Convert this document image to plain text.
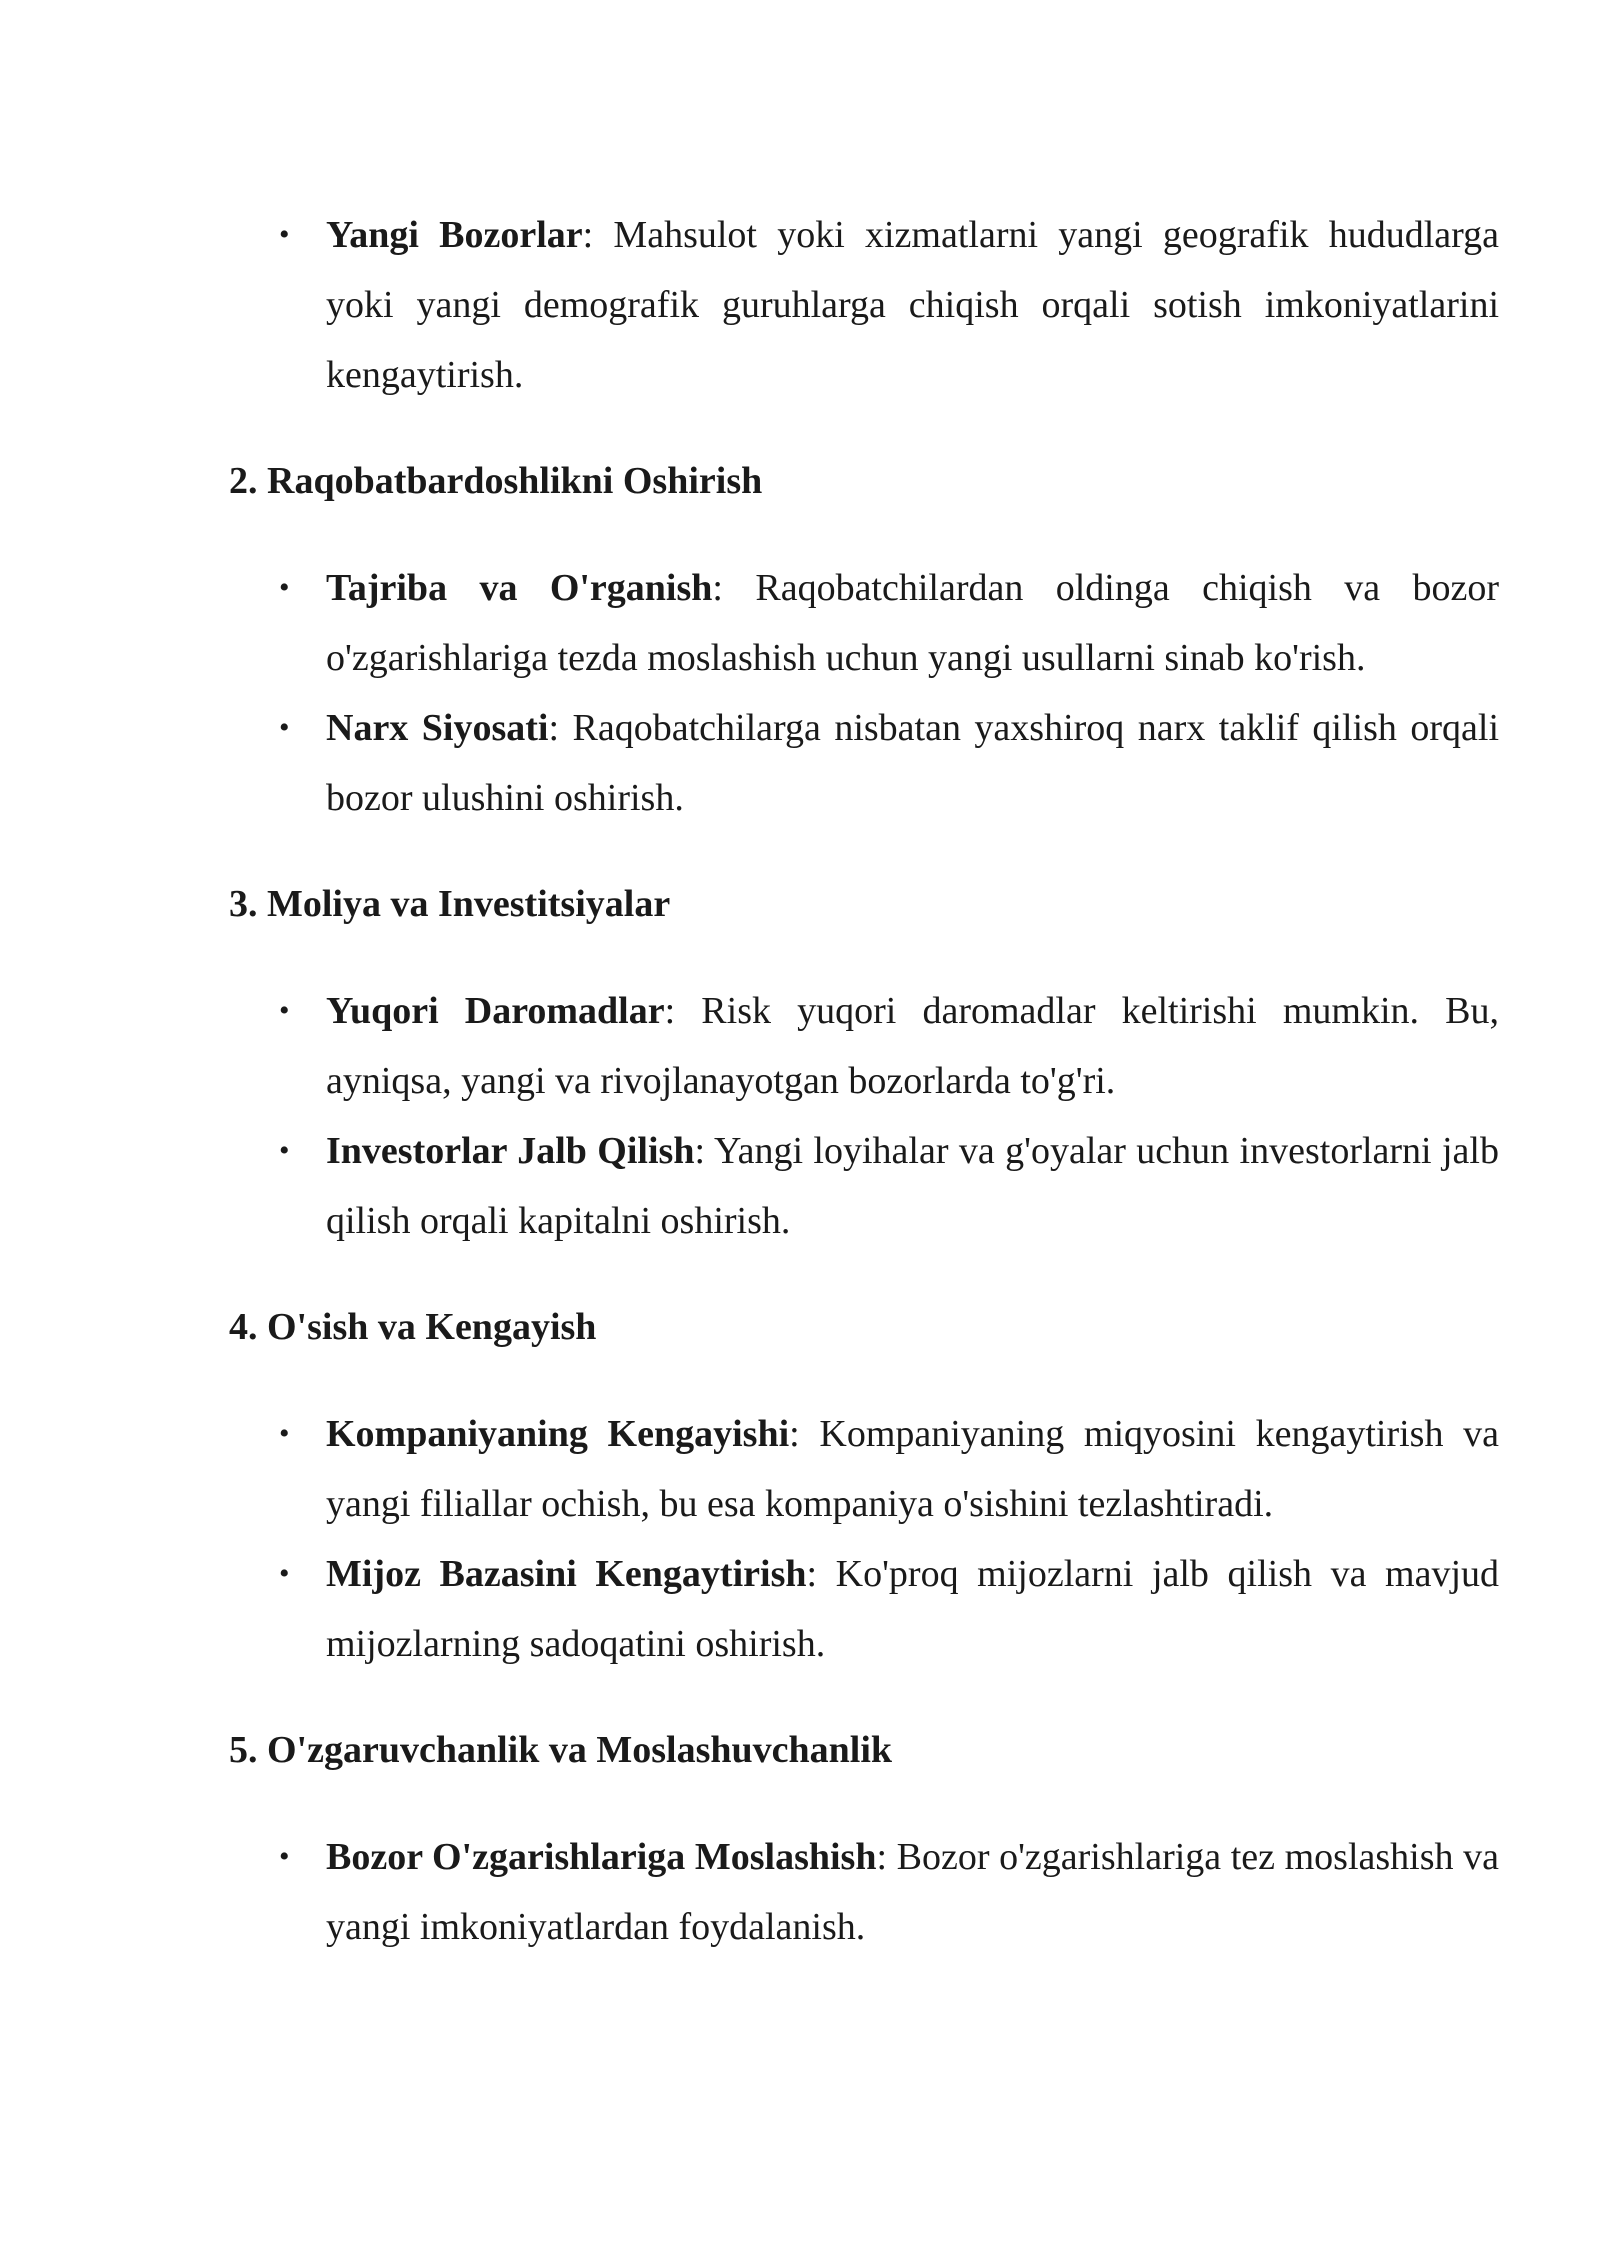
• Yangi Bozorlar: Mahsulot yoki xizmatlarni yangi geografik hududlarga yoki yangi demografik guruhlarga chiqish orqali sotish imkoniyatlarini kengaytirish.
2. Raqobatbardoshlikni Oshirish
• Tajriba va O'rganish: Raqobatchilardan oldinga chiqish va bozor o'zgarishlariga tezda moslashish uchun yangi usullarni sinab ko'rish.
• Narx Siyosati: Raqobatchilarga nisbatan yaxshiroq narx taklif qilish orqali bozor ulushini oshirish.
3. Moliya va Investitsiyalar
• Yuqori Daromadlar: Risk yuqori daromadlar keltirishi mumkin. Bu, ayniqsa, yangi va rivojlanayotgan bozorlarda to'g'ri.
• Investorlar Jalb Qilish: Yangi loyihalar va g'oyalar uchun investorlarni jalb qilish orqali kapitalni oshirish.
4. O'sish va Kengayish
• Kompaniyaning Kengayishi: Kompaniyaning miqyosini kengaytirish va yangi filiallar ochish, bu esa kompaniya o'sishini tezlashtiradi.
• Mijoz Bazasini Kengaytirish: Ko'proq mijozlarni jalb qilish va mavjud mijozlarning sadoqatini oshirish.
5. O'zgaruvchanlik va Moslashuvchanlik
• Bozor O'zgarishlariga Moslashish: Bozor o'zgarishlariga tez moslashish va yangi imkoniyatlardan foydalanish.
